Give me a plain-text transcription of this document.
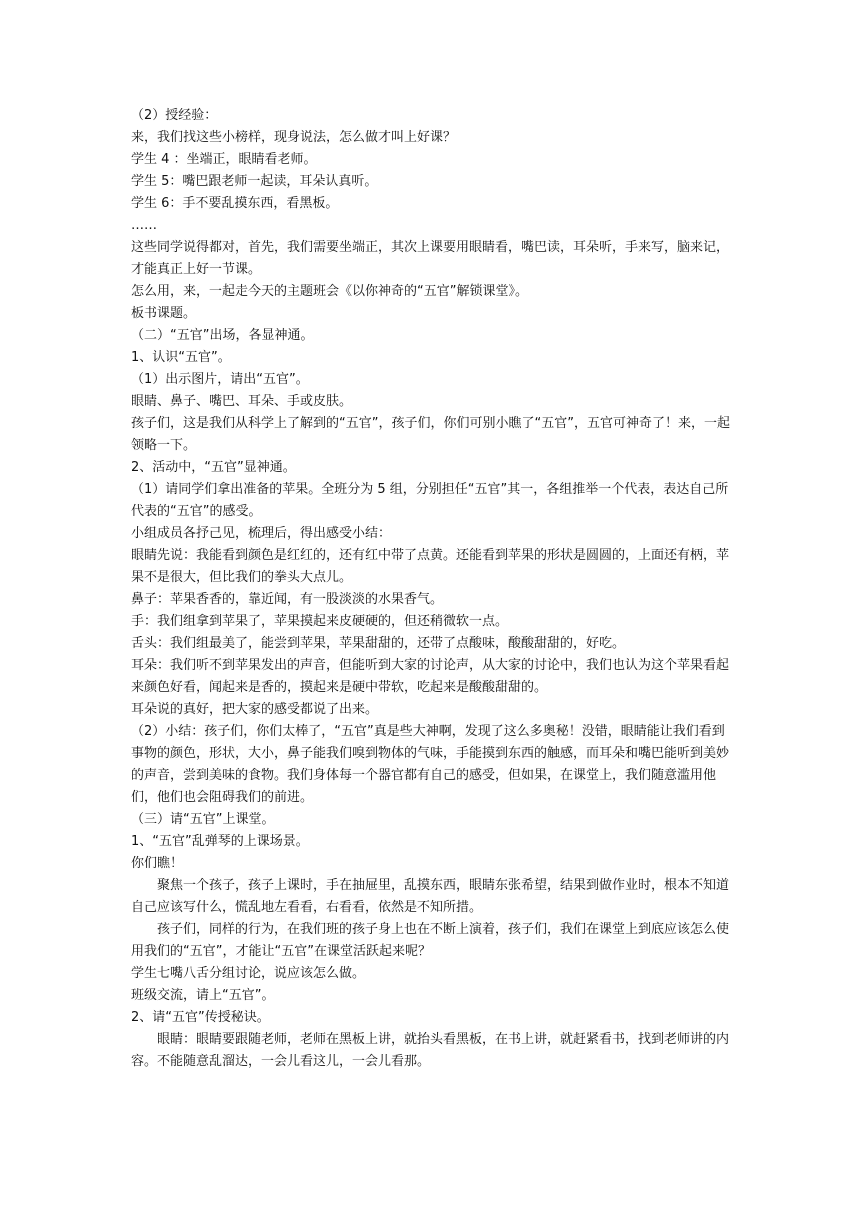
（2）授经验：

来，我们找这些小榜样，现身说法，怎么做才叫上好课？

学生 4 ：坐端正，眼睛看老师。

学生 5：嘴巴跟老师一起读，耳朵认真听。

学生 6：手不要乱摸东西，看黑板。

……

这些同学说得都对，首先，我们需要坐端正，其次上课要用眼睛看，嘴巴读，耳朵听，手来写，脑来记，才能真正上好一节课。

怎么用，来，一起走今天的主题班会《以你神奇的“五官”解锁课堂》。

板书课题。

（二）“五官”出场，各显神通。

1、认识“五官”。

（1）出示图片，请出“五官”。

眼睛、鼻子、嘴巴、耳朵、手或皮肤。

孩子们，这是我们从科学上了解到的“五官”，孩子们，你们可别小瞧了“五官”，五官可神奇了！来，一起领略一下。

2、活动中，“五官”显神通。

（1）请同学们拿出准备的苹果。全班分为 5 组，分别担任“五官”其一，各组推举一个代表，表达自己所代表的“五官”的感受。

小组成员各抒己见，梳理后，得出感受小结：

眼睛先说：我能看到颜色是红红的，还有红中带了点黄。还能看到苹果的形状是圆圆的，上面还有柄，苹果不是很大，但比我们的拳头大点儿。

鼻子：苹果香香的，靠近闻，有一股淡淡的水果香气。

手：我们组拿到苹果了，苹果摸起来皮硬硬的，但还稍微软一点。

舌头：我们组最美了，能尝到苹果，苹果甜甜的，还带了点酸味，酸酸甜甜的，好吃。

耳朵：我们听不到苹果发出的声音，但能听到大家的讨论声，从大家的讨论中，我们也认为这个苹果看起来颜色好看，闻起来是香的，摸起来是硬中带软，吃起来是酸酸甜甜的。

耳朵说的真好，把大家的感受都说了出来。

（2）小结：孩子们，你们太棒了，“五官”真是些大神啊，发现了这么多奥秘！没错，眼睛能让我们看到事物的颜色，形状，大小，鼻子能我们嗅到物体的气味，手能摸到东西的触感，而耳朵和嘴巴能听到美妙的声音，尝到美味的食物。我们身体每一个器官都有自己的感受，但如果，在课堂上，我们随意滥用他们，他们也会阻碍我们的前进。

（三）请“五官”上课堂。

1、“五官”乱弹琴的上课场景。

你们瞧！

聚焦一个孩子，孩子上课时，手在抽屉里，乱摸东西，眼睛东张希望，结果到做作业时，根本不知道自己应该写什么，慌乱地左看看，右看看，依然是不知所措。

孩子们，同样的行为，在我们班的孩子身上也在不断上演着，孩子们，我们在课堂上到底应该怎么使用我们的“五官”，才能让“五官”在课堂活跃起来呢？

学生七嘴八舌分组讨论，说应该怎么做。

班级交流，请上“五官”。

2、请“五官”传授秘诀。

眼睛：眼睛要跟随老师，老师在黑板上讲，就抬头看黑板，在书上讲，就赶紧看书，找到老师讲的内容。不能随意乱溜达，一会儿看这儿，一会儿看那。
